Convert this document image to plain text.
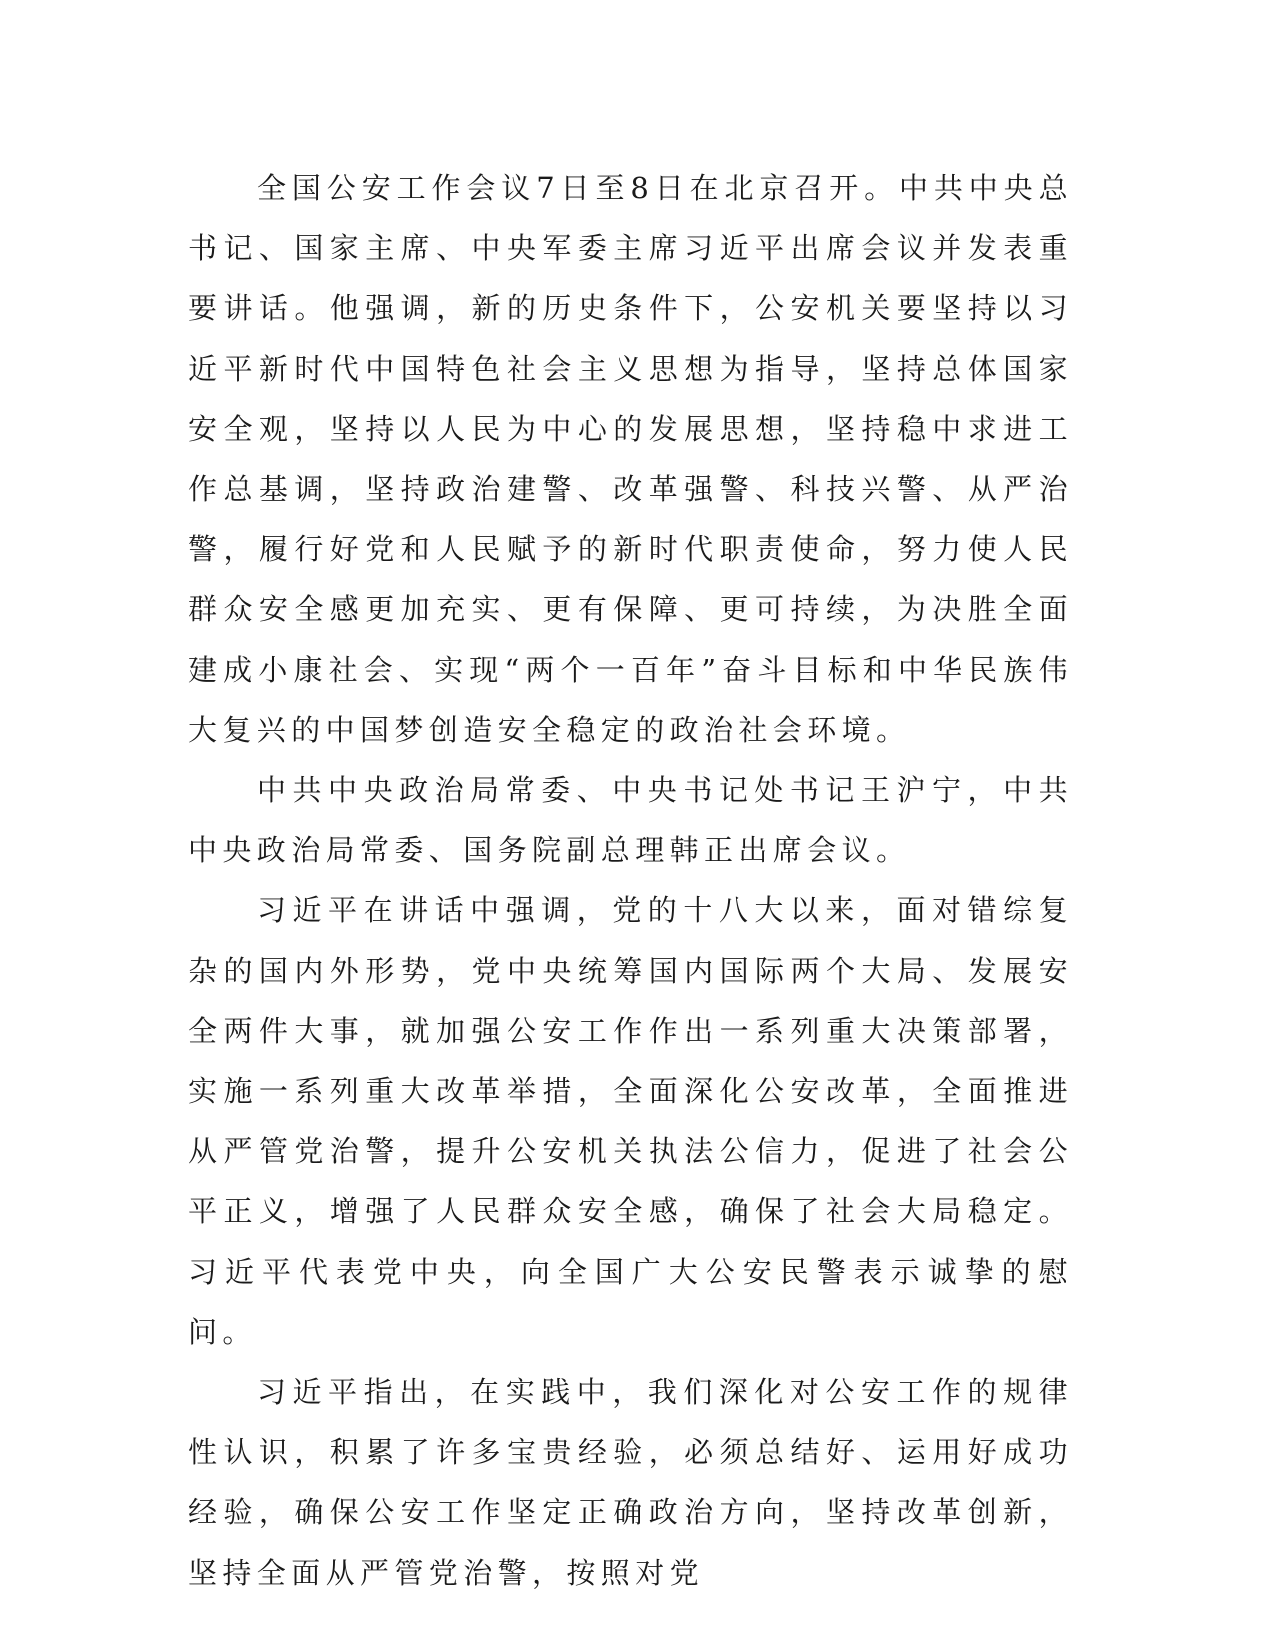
全国公安工作会议7日至8日在北京召开。中共中央总书记、国家主席、中央军委主席习近平出席会议并发表重要讲话。他强调，新的历史条件下，公安机关要坚持以习近平新时代中国特色社会主义思想为指导，坚持总体国家安全观，坚持以人民为中心的发展思想，坚持稳中求进工作总基调，坚持政治建警、改革强警、科技兴警、从严治警，履行好党和人民赋予的新时代职责使命，努力使人民群众安全感更加充实、更有保障、更可持续，为决胜全面建成小康社会、实现“两个一百年”奋斗目标和中华民族伟大复兴的中国梦创造安全稳定的政治社会环境。

中共中央政治局常委、中央书记处书记王沪宁，中共中央政治局常委、国务院副总理韩正出席会议。

习近平在讲话中强调，党的十八大以来，面对错综复杂的国内外形势，党中央统筹国内国际两个大局、发展安全两件大事，就加强公安工作作出一系列重大决策部署，实施一系列重大改革举措，全面深化公安改革，全面推进从严管党治警，提升公安机关执法公信力，促进了社会公平正义，增强了人民群众安全感，确保了社会大局稳定。习近平代表党中央，向全国广大公安民警表示诚挚的慰问。

习近平指出，在实践中，我们深化对公安工作的规律性认识，积累了许多宝贵经验，必须总结好、运用好成功经验，确保公安工作坚定正确政治方向，坚持改革创新，坚持全面从严管党治警，按照对党
